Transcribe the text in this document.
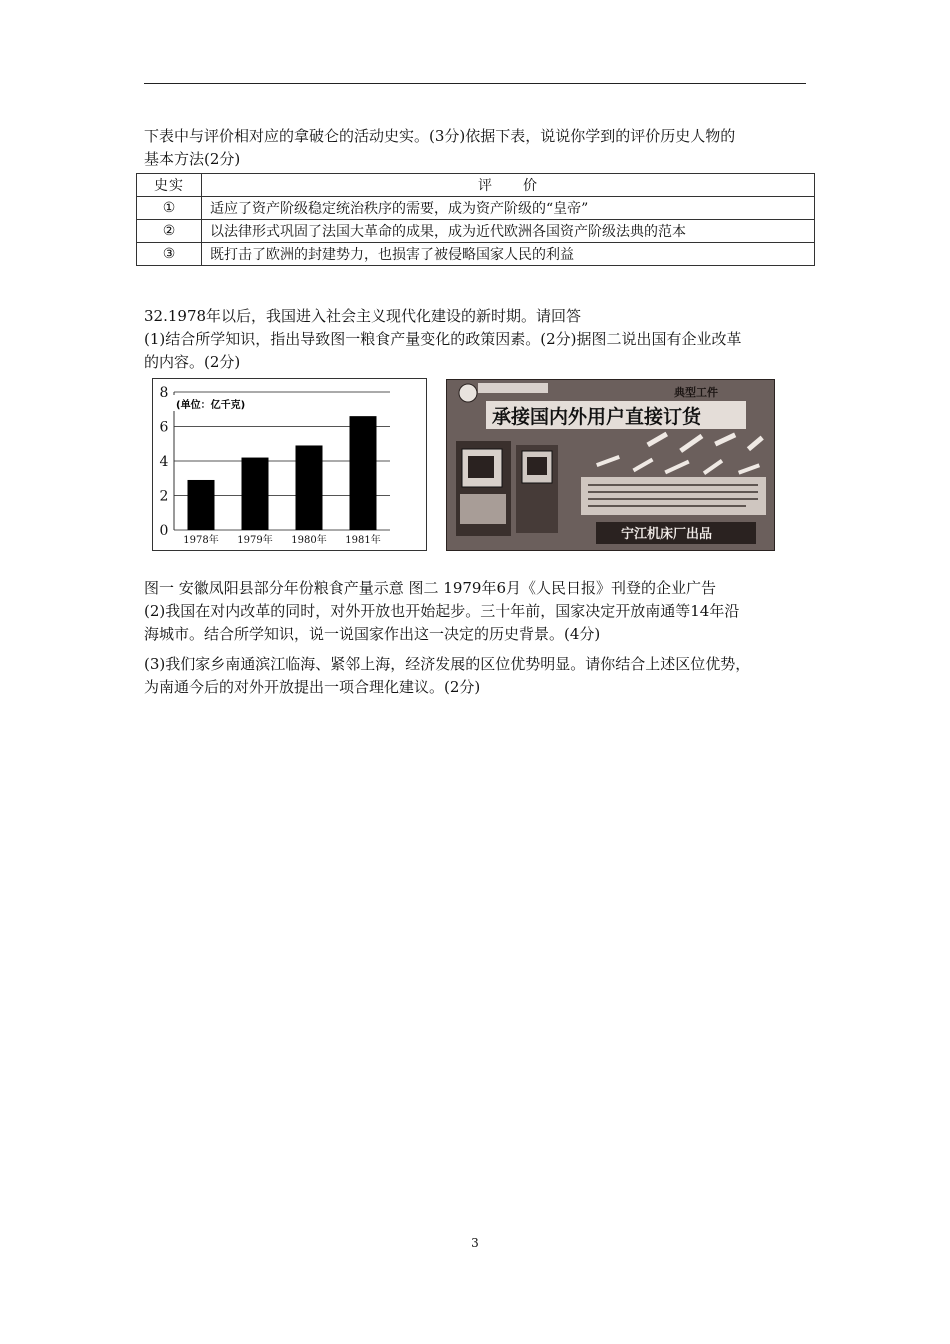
下表中与评价相对应的拿破仑的活动史实。(3分)依据下表，说说你学到的评价历史人物的
基本方法(2分)
史实	评　　价
①	适应了资产阶级稳定统治秩序的需要，成为资产阶级的“皇帝”
②	以法律形式巩固了法国大革命的成果，成为近代欧洲各国资产阶级法典的范本
③	既打击了欧洲的封建势力，也损害了被侵略国家人民的利益
32.1978年以后，我国进入社会主义现代化建设的新时期。请回答
(1)结合所学知识，指出导致图一粮食产量变化的政策因素。(2分)据图二说出国有企业改革
的内容。(2分)
0
2
4
6
8
1978年 1979年 1980年 1981年
(单位：亿千克)
典型工件
承接国内外用户直接订货
宁江机床厂出品
图一 安徽凤阳县部分年份粮食产量示意 图二 1979年6月《人民日报》刊登的企业广告
(2)我国在对内改革的同时，对外开放也开始起步。三十年前，国家决定开放南通等14年沿
海城市。结合所学知识，说一说国家作出这一决定的历史背景。(4分)
(3)我们家乡南通滨江临海、紧邻上海，经济发展的区位优势明显。请你结合上述区位优势，
为南通今后的对外开放提出一项合理化建议。(2分)
3
